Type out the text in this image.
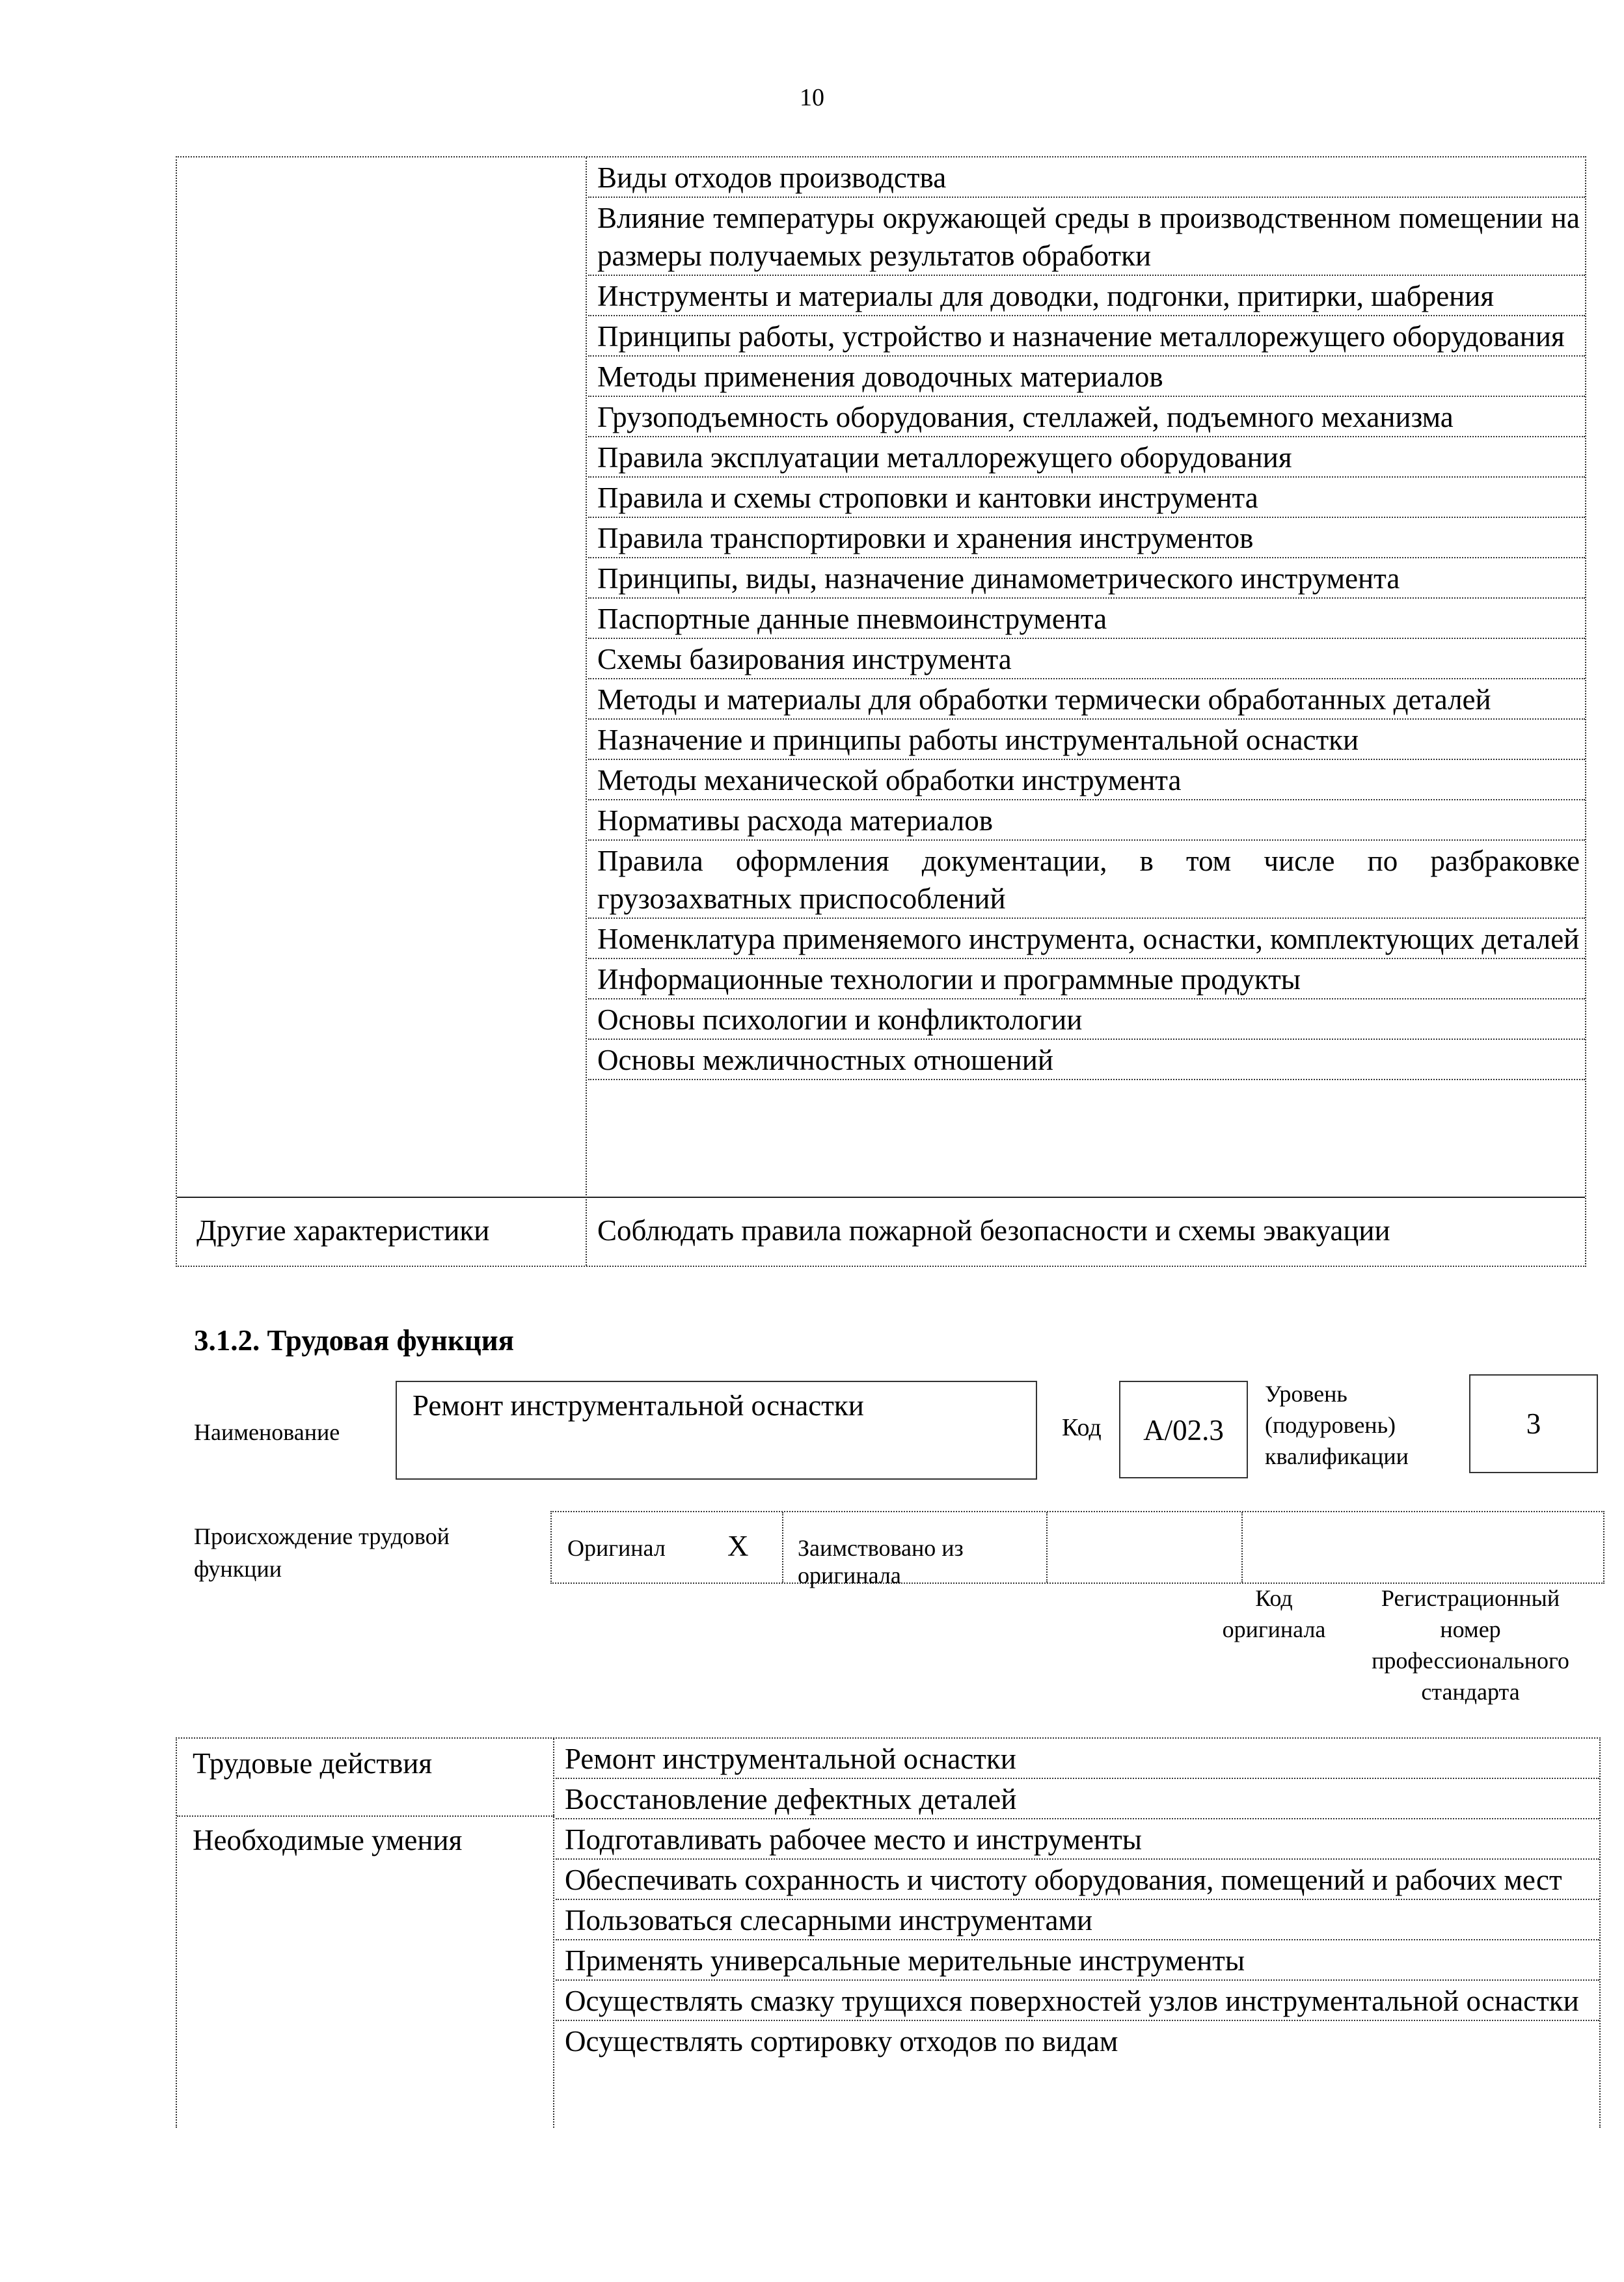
10
Виды отходов производства
Влияние температуры окружающей среды в производственном помещении на размеры получаемых результатов обработки
Инструменты и материалы для доводки, подгонки, притирки, шабрения
Принципы работы, устройство и назначение металлорежущего оборудования
Методы применения доводочных материалов
Грузоподъемность оборудования, стеллажей, подъемного механизма
Правила эксплуатации металлорежущего оборудования
Правила и схемы строповки и кантовки инструмента
Правила транспортировки и хранения инструментов
Принципы, виды, назначение динамометрического инструмента
Паспортные данные пневмоинструмента
Схемы базирования инструмента
Методы и материалы для обработки термически обработанных деталей
Назначение и принципы работы инструментальной оснастки
Методы механической обработки инструмента
Нормативы расхода материалов
Правила оформления документации, в том числе по разбраковке грузозахватных приспособлений
Номенклатура применяемого инструмента, оснастки, комплектующих деталей
Информационные технологии и программные продукты
Основы психологии и конфликтологии
Основы межличностных отношений
Другие характеристики	Соблюдать правила пожарной безопасности и схемы эвакуации
3.1.2. Трудовая функция
Наименование
Ремонт инструментальной оснастки
Код	A/02.3
Уровень
(подуровень)
квалификации
3
Происхождение трудовой
функции
Оригинал X Заимствовано из оригинала
Код
оригинала
Регистрационный
номер
профессионального
стандарта
Трудовые действия
Необходимые умения
Ремонт инструментальной оснастки
Восстановление дефектных деталей
Подготавливать рабочее место и инструменты
Обеспечивать сохранность и чистоту оборудования, помещений и рабочих мест
Пользоваться слесарными инструментами
Применять универсальные мерительные инструменты
Осуществлять смазку трущихся поверхностей узлов инструментальной оснастки
Осуществлять сортировку отходов по видам
